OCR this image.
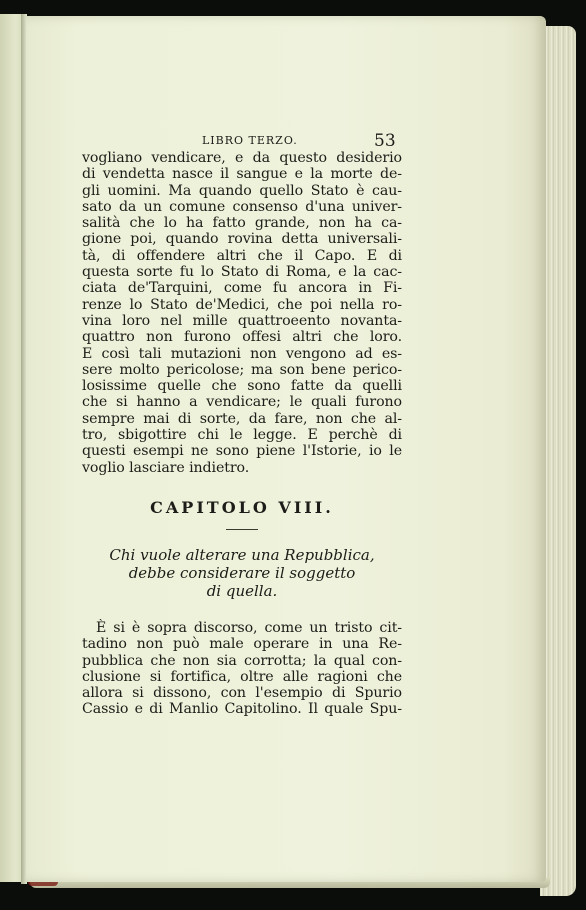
LIBRO TERZO.	53

vogliano vendicare, e da questo desiderio
di vendetta nasce il sangue e la morte de-
gli uomini. Ma quando quello Stato è cau-
sato da un comune consenso d'una univer-
salità che lo ha fatto grande, non ha ca-
gione poi, quando rovina detta universali-
tà, di offendere altri che il Capo. E di
questa sorte fu lo Stato di Roma, e la cac-
ciata de'Tarquini, come fu ancora in Fi-
renze lo Stato de'Medici, che poi nella ro-
vina loro nel mille quattroeento novanta-
quattro non furono offesi altri che loro.
E così tali mutazioni non vengono ad es-
sere molto pericolose; ma son bene perico-
losissime quelle che sono fatte da quelli
che si hanno a vendicare; le quali furono
sempre mai di sorte, da fare, non che al-
tro, sbigottire chi le legge. E perchè di
questi esempi ne sono piene l'Istorie, io le
voglio lasciare indietro.

CAPITOLO VIII.

Chi vuole alterare una Repubblica,
debbe considerare il soggetto
di quella.

È si è sopra discorso, come un tristo cit-
tadino non può male operare in una Re-
pubblica che non sia corrotta; la qual con-
clusione si fortifica, oltre alle ragioni che
allora si dissono, con l'esempio di Spurio
Cassio e di Manlio Capitolino. Il quale Spu-
